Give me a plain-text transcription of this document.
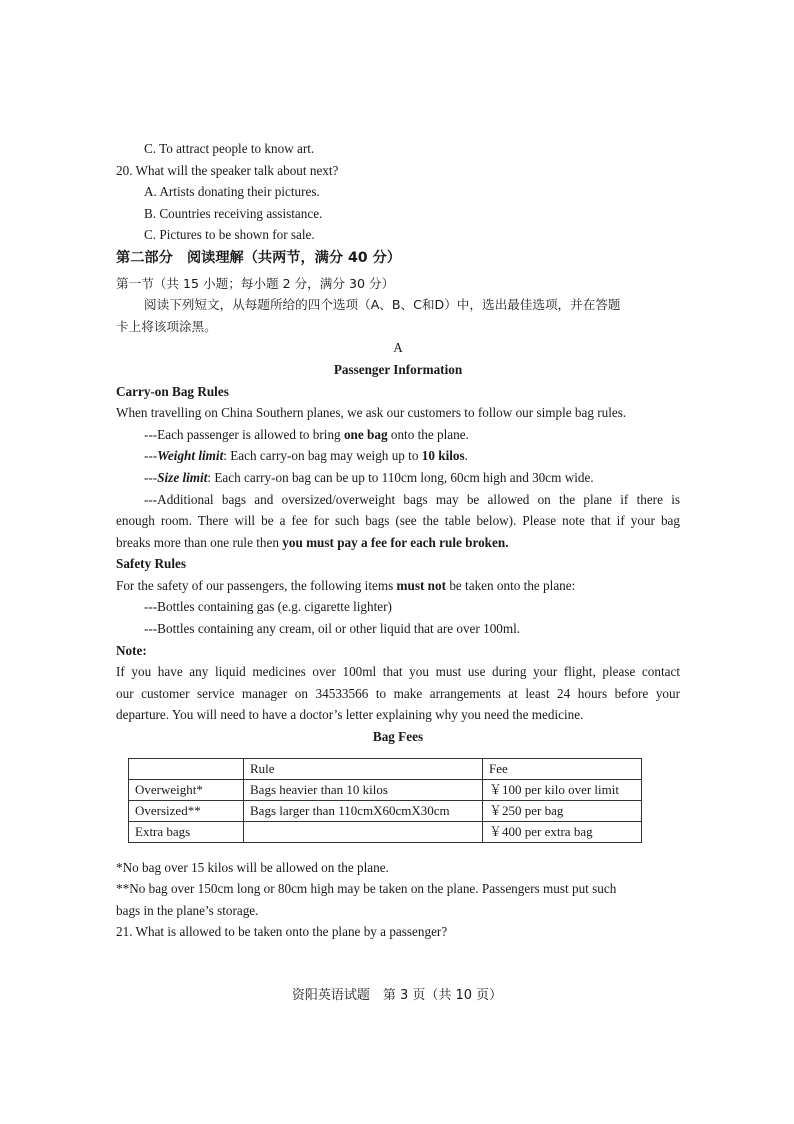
C. To attract people to know art.
20. What will the speaker talk about next?
A. Artists donating their pictures.
B. Countries receiving assistance.
C. Pictures to be shown for sale.
第二部分　阅读理解（共两节，满分 40 分）
第一节（共 15 小题；每小题 2 分，满分 30 分）
阅读下列短文，从每题所给的四个选项（A、B、C和D）中，选出最佳选项，并在答题
卡上将该项涂黑。
A
Passenger Information
Carry-on Bag Rules
When travelling on China Southern planes, we ask our customers to follow our simple bag rules.
---Each passenger is allowed to bring one bag onto the plane.
---Weight limit: Each carry-on bag may weigh up to 10 kilos.
---Size limit: Each carry-on bag can be up to 110cm long, 60cm high and 30cm wide.
---Additional bags and oversized/overweight bags may be allowed on the plane if there is
enough room. There will be a fee for such bags (see the table below). Please note that if your bag
breaks more than one rule then you must pay a fee for each rule broken.
Safety Rules
For the safety of our passengers, the following items must not be taken onto the plane:
---Bottles containing gas (e.g. cigarette lighter)
---Bottles containing any cream, oil or other liquid that are over 100ml.
Note:
If you have any liquid medicines over 100ml that you must use during your flight, please contact
our customer service manager on 34533566 to make arrangements at least 24 hours before your
departure. You will need to have a doctor’s letter explaining why you need the medicine.
Bag Fees
	Rule	Fee
Overweight*	Bags heavier than 10 kilos	￥100 per kilo over limit
Oversized**	Bags larger than 110cmX60cmX30cm	￥250 per bag
Extra bags		￥400 per extra bag
*No bag over 15 kilos will be allowed on the plane.
**No bag over 150cm long or 80cm high may be taken on the plane. Passengers must put such
bags in the plane’s storage.
21. What is allowed to be taken onto the plane by a passenger?
资阳英语试题　第 3 页（共 10 页）
